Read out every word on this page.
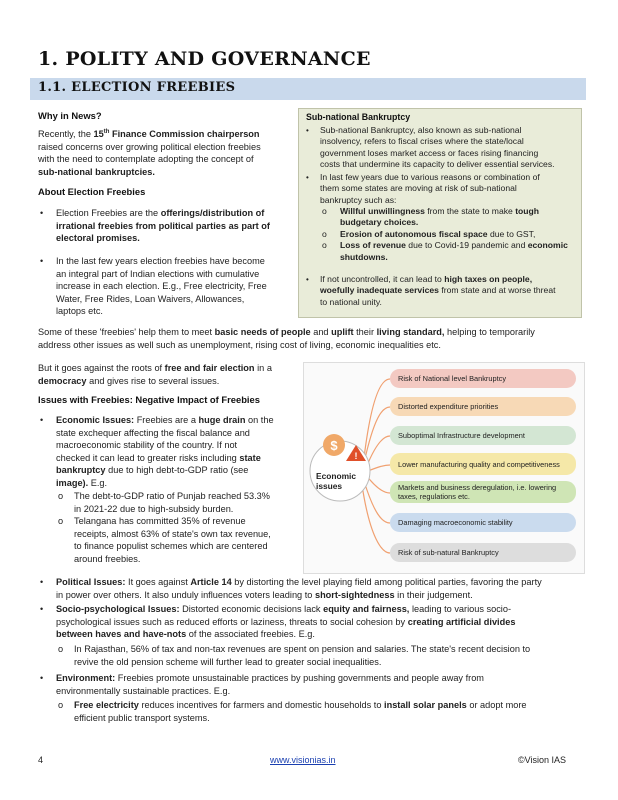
1. POLITY AND GOVERNANCE
1.1. ELECTION FREEBIES
Why in News?
Recently, the 15th Finance Commission chairperson
raised concerns over growing political election freebies
with the need to contemplate adopting the concept of
sub-national bankruptcies.
About Election Freebies
• Election Freebies are the offerings/distribution of
irrational freebies from political parties as part of
electoral promises.
• In the last few years election freebies have become
an integral part of Indian elections with cumulative
increase in each election. E.g., Free electricity, Free
Water, Free Rides, Loan Waivers, Allowances,
laptops etc.
Sub-national Bankruptcy
• Sub-national Bankruptcy, also known as sub-national
insolvency, refers to fiscal crises where the state/local
government loses market access or faces rising financing
costs that undermine its capacity to deliver essential services.
• In last few years due to various reasons or combination of
them some states are moving at risk of sub-national
bankruptcy such as:
o Willful unwillingness from the state to make tough
budgetary choices.
o Erosion of autonomous fiscal space due to GST,
o Loss of revenue due to Covid-19 pandemic and economic
shutdowns.
• If not uncontrolled, it can lead to high taxes on people,
woefully inadequate services from state and at worse threat
to national unity.
Some of these 'freebies' help them to meet basic needs of people and uplift their living standard, helping to temporarily
address other issues as well such as unemployment, rising cost of living, economic inequalities etc.
But it goes against the roots of free and fair election in a
democracy and gives rise to several issues.
Issues with Freebies: Negative Impact of Freebies
• Economic Issues: Freebies are a huge drain on the
state exchequer affecting the fiscal balance and
macroeconomic stability of the country. If not
checked it can lead to greater risks including state
bankruptcy due to high debt-to-GDP ratio (see
image). E.g.
o The debt-to-GDP ratio of Punjab reached 53.3%
in 2021-22 due to high-subsidy burden.
o Telangana has committed 35% of revenue
receipts, almost 63% of state's own tax revenue,
to finance populist schemes which are centered
around freebies.
$
!
Economic issues
Risk of National level Bankruptcy
Distorted expenditure priorities
Suboptimal Infrastructure development
Lower manufacturing quality and competitiveness
Markets and business deregulation, i.e. lowering taxes, regulations etc.
Damaging macroeconomic stability
Risk of sub-natural Bankruptcy
• Political Issues: It goes against Article 14 by distorting the level playing field among political parties, favoring the party
in power over others. It also unduly influences voters leading to short-sightedness in their judgement.
• Socio-psychological Issues: Distorted economic decisions lack equity and fairness, leading to various socio-
psychological issues such as reduced efforts or laziness, threats to social cohesion by creating artificial divides
between haves and have-nots of the associated freebies. E.g.
o In Rajasthan, 56% of tax and non-tax revenues are spent on pension and salaries. The state's recent decision to
revive the old pension scheme will further lead to greater social inequalities.
• Environment: Freebies promote unsustainable practices by pushing governments and people away from
environmentally sustainable practices. E.g.
o Free electricity reduces incentives for farmers and domestic households to install solar panels or adopt more
efficient public transport systems.
4	www.visionias.in	©Vision IAS
